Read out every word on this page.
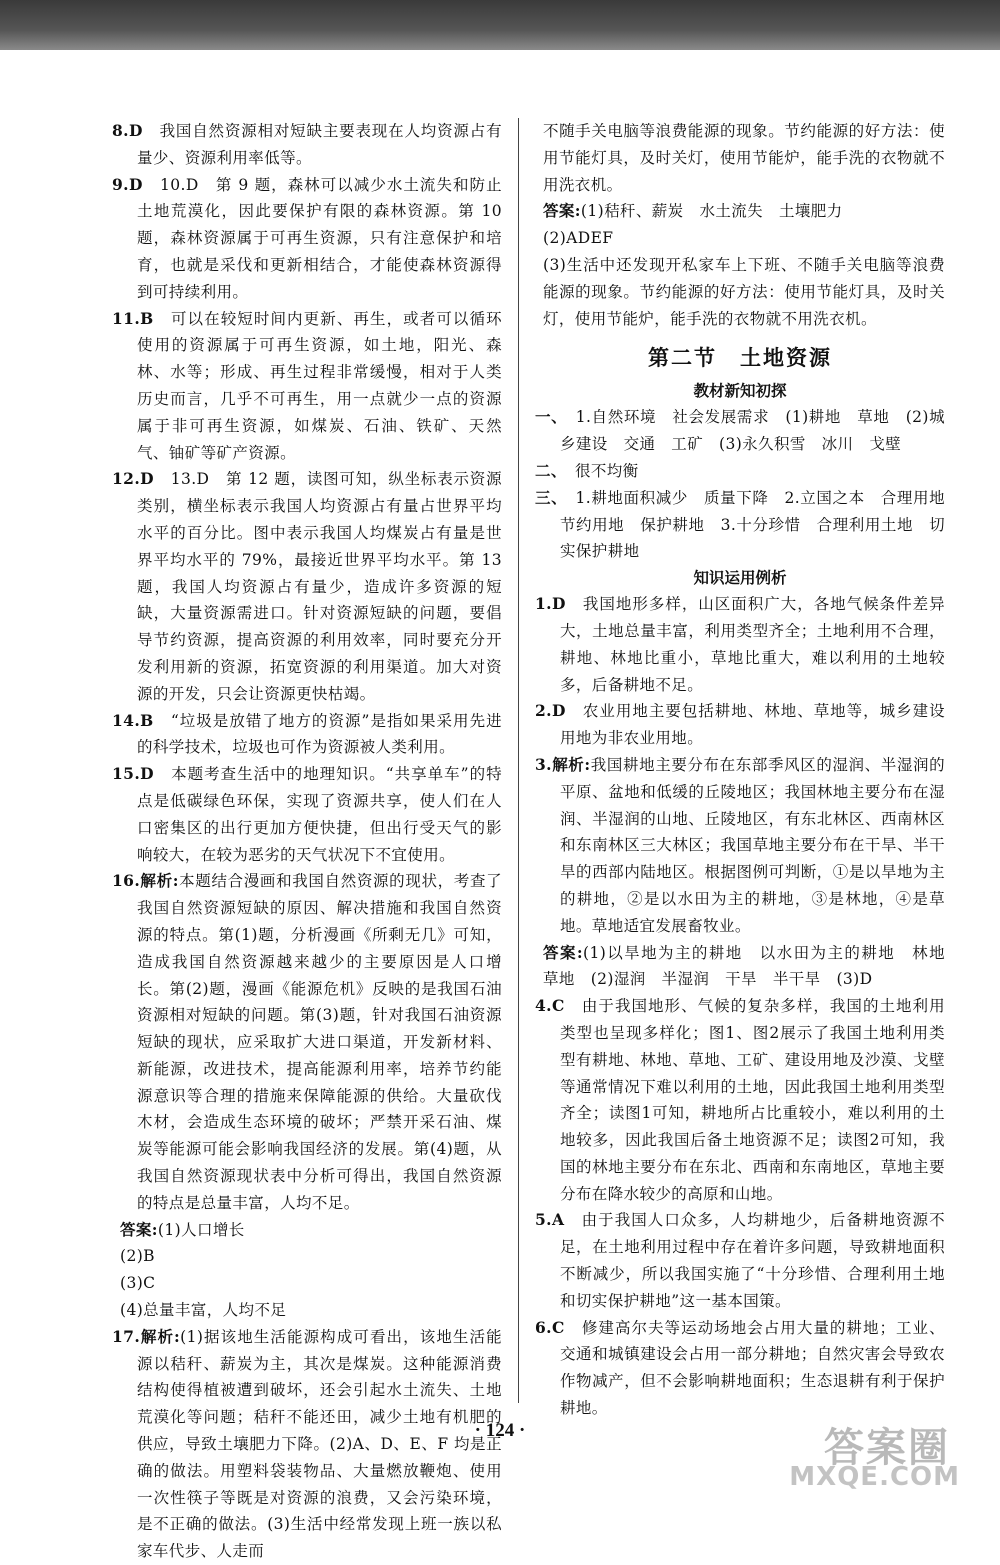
8.D　我国自然资源相对短缺主要表现在人均资源占有量少、资源利用率低等。

9.D　10.D　第 9 题，森林可以减少水土流失和防止土地荒漠化，因此要保护有限的森林资源。第 10 题，森林资源属于可再生资源，只有注意保护和培育，也就是采伐和更新相结合，才能使森林资源得到可持续利用。

11.B　可以在较短时间内更新、再生，或者可以循环使用的资源属于可再生资源，如土地，阳光、森林、水等；形成、再生过程非常缓慢，相对于人类历史而言，几乎不可再生，用一点就少一点的资源属于非可再生资源，如煤炭、石油、铁矿、天然气、铀矿等矿产资源。

12.D　13.D　第 12 题，读图可知，纵坐标表示资源类别，横坐标表示我国人均资源占有量占世界平均水平的百分比。图中表示我国人均煤炭占有量是世界平均水平的 79%，最接近世界平均水平。第 13 题，我国人均资源占有量少，造成许多资源的短缺，大量资源需进口。针对资源短缺的问题，要倡导节约资源，提高资源的利用效率，同时要充分开发利用新的资源，拓宽资源的利用渠道。加大对资源的开发，只会让资源更快枯竭。

14.B　“垃圾是放错了地方的资源”是指如果采用先进的科学技术，垃圾也可作为资源被人类利用。

15.D　本题考查生活中的地理知识。“共享单车”的特点是低碳绿色环保，实现了资源共享，使人们在人口密集区的出行更加方便快捷，但出行受天气的影响较大，在较为恶劣的天气状况下不宜使用。

16.解析:本题结合漫画和我国自然资源的现状，考查了我国自然资源短缺的原因、解决措施和我国自然资源的特点。第(1)题，分析漫画《所剩无几》可知，造成我国自然资源越来越少的主要原因是人口增长。第(2)题，漫画《能源危机》反映的是我国石油资源相对短缺的问题。第(3)题，针对我国石油资源短缺的现状，应采取扩大进口渠道，开发新材料、新能源，改进技术，提高能源利用率，培养节约能源意识等合理的措施来保障能源的供给。大量砍伐木材，会造成生态环境的破坏；严禁开采石油、煤炭等能源可能会影响我国经济的发展。第(4)题，从我国自然资源现状表中分析可得出，我国自然资源的特点是总量丰富，人均不足。

答案:(1)人口增长

(2)B

(3)C

(4)总量丰富，人均不足

17.解析:(1)据该地生活能源构成可看出，该地生活能源以秸秆、薪炭为主，其次是煤炭。这种能源消费结构使得植被遭到破坏，还会引起水土流失、土地荒漠化等问题；秸秆不能还田，减少土地有机肥的供应，导致土壤肥力下降。(2)A、D、E、F 均是正确的做法。用塑料袋装物品、大量燃放鞭炮、使用一次性筷子等既是对资源的浪费，又会污染环境，是不正确的做法。(3)生活中经常发现上班一族以私家车代步、人走而

不随手关电脑等浪费能源的现象。节约能源的好方法：使用节能灯具，及时关灯，使用节能炉，能手洗的衣物就不用洗衣机。

答案:(1)秸秆、薪炭　水土流失　土壤肥力

(2)ADEF

(3)生活中还发现开私家车上下班、不随手关电脑等浪费能源的现象。节约能源的好方法：使用节能灯具，及时关灯，使用节能炉，能手洗的衣物就不用洗衣机。

第二节　土地资源
教材新知初探

一、　1.自然环境　社会发展需求　(1)耕地　草地　(2)城乡建设　交通　工矿　(3)永久积雪　冰川　戈壁

二、　很不均衡

三、　1.耕地面积减少　质量下降　2.立国之本　合理用地　节约用地　保护耕地　3.十分珍惜　合理利用土地　切实保护耕地

知识运用例析

1.D　我国地形多样，山区面积广大，各地气候条件差异大，土地总量丰富，利用类型齐全；土地利用不合理，耕地、林地比重小，草地比重大，难以利用的土地较多，后备耕地不足。

2.D　农业用地主要包括耕地、林地、草地等，城乡建设用地为非农业用地。

3.解析:我国耕地主要分布在东部季风区的湿润、半湿润的平原、盆地和低缓的丘陵地区；我国林地主要分布在湿润、半湿润的山地、丘陵地区，有东北林区、西南林区和东南林区三大林区；我国草地主要分布在干旱、半干旱的西部内陆地区。根据图例可判断，①是以旱地为主的耕地，②是以水田为主的耕地，③是林地，④是草地。草地适宜发展畜牧业。

答案:(1)以旱地为主的耕地　以水田为主的耕地　林地　草地　(2)湿润　半湿润　干旱　半干旱　(3)D

4.C　由于我国地形、气候的复杂多样，我国的土地利用类型也呈现多样化；图1、图2展示了我国土地利用类型有耕地、林地、草地、工矿、建设用地及沙漠、戈壁等通常情况下难以利用的土地，因此我国土地利用类型齐全；读图1可知，耕地所占比重较小，难以利用的土地较多，因此我国后备土地资源不足；读图2可知，我国的林地主要分布在东北、西南和东南地区，草地主要分布在降水较少的高原和山地。

5.A　由于我国人口众多，人均耕地少，后备耕地资源不足，在土地利用过程中存在着许多问题，导致耕地面积不断减少，所以我国实施了“十分珍惜、合理利用土地和切实保护耕地”这一基本国策。

6.C　修建高尔夫等运动场地会占用大量的耕地；工业、交通和城镇建设会占用一部分耕地；自然灾害会导致农作物减产，但不会影响耕地面积；生态退耕有利于保护耕地。

· 124 ·	答案圈
MXQE.COM
